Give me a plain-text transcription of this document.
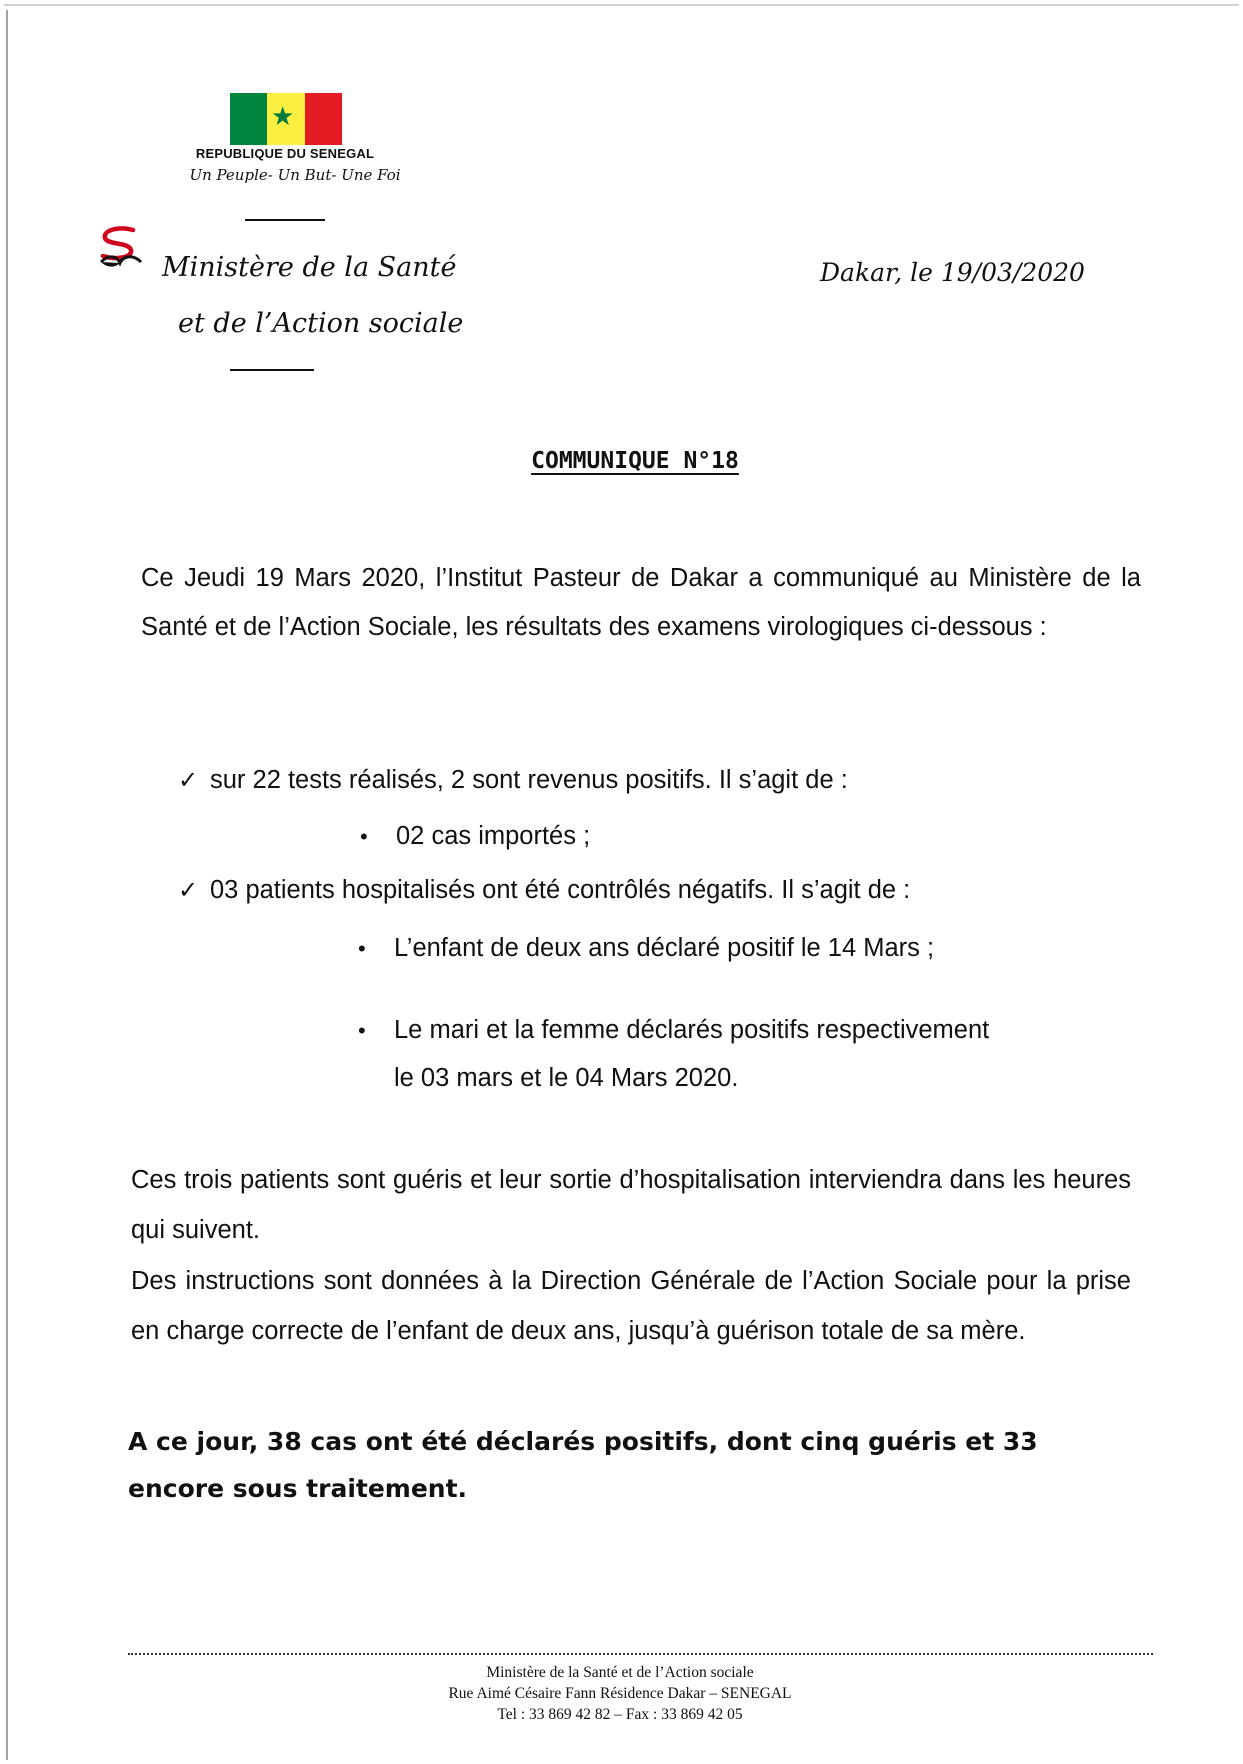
★
REPUBLIQUE DU SENEGAL
Un Peuple- Un But- Une Foi
Ministère de la Santé
et de l’Action sociale
Dakar, le 19/03/2020
COMMUNIQUE N°18
Ce Jeudi 19 Mars 2020, l’Institut Pasteur de Dakar a communiqué au Ministère de la Santé et de l’Action Sociale, les résultats des examens virologiques ci-dessous :
✓ sur 22 tests réalisés, 2 sont revenus positifs. Il s’agit de :
• 02 cas importés ;
✓ 03 patients hospitalisés ont été contrôlés négatifs. Il s’agit de :
• L’enfant de deux ans déclaré positif le 14 Mars ;
• Le mari et la femme déclarés positifs respectivement
le 03 mars et le 04 Mars 2020.
Ces trois patients sont guéris et leur sortie d’hospitalisation interviendra dans les heures qui suivent.
Des instructions sont données à la Direction Générale de l’Action Sociale pour la prise en charge correcte de l’enfant de deux ans, jusqu’à guérison totale de sa mère.
A ce jour, 38 cas ont été déclarés positifs, dont cinq guéris et 33 encore sous traitement.
Ministère de la Santé et de l’Action sociale
Rue Aimé Césaire Fann Résidence Dakar – SENEGAL
Tel : 33 869 42 82 – Fax : 33 869 42 05
